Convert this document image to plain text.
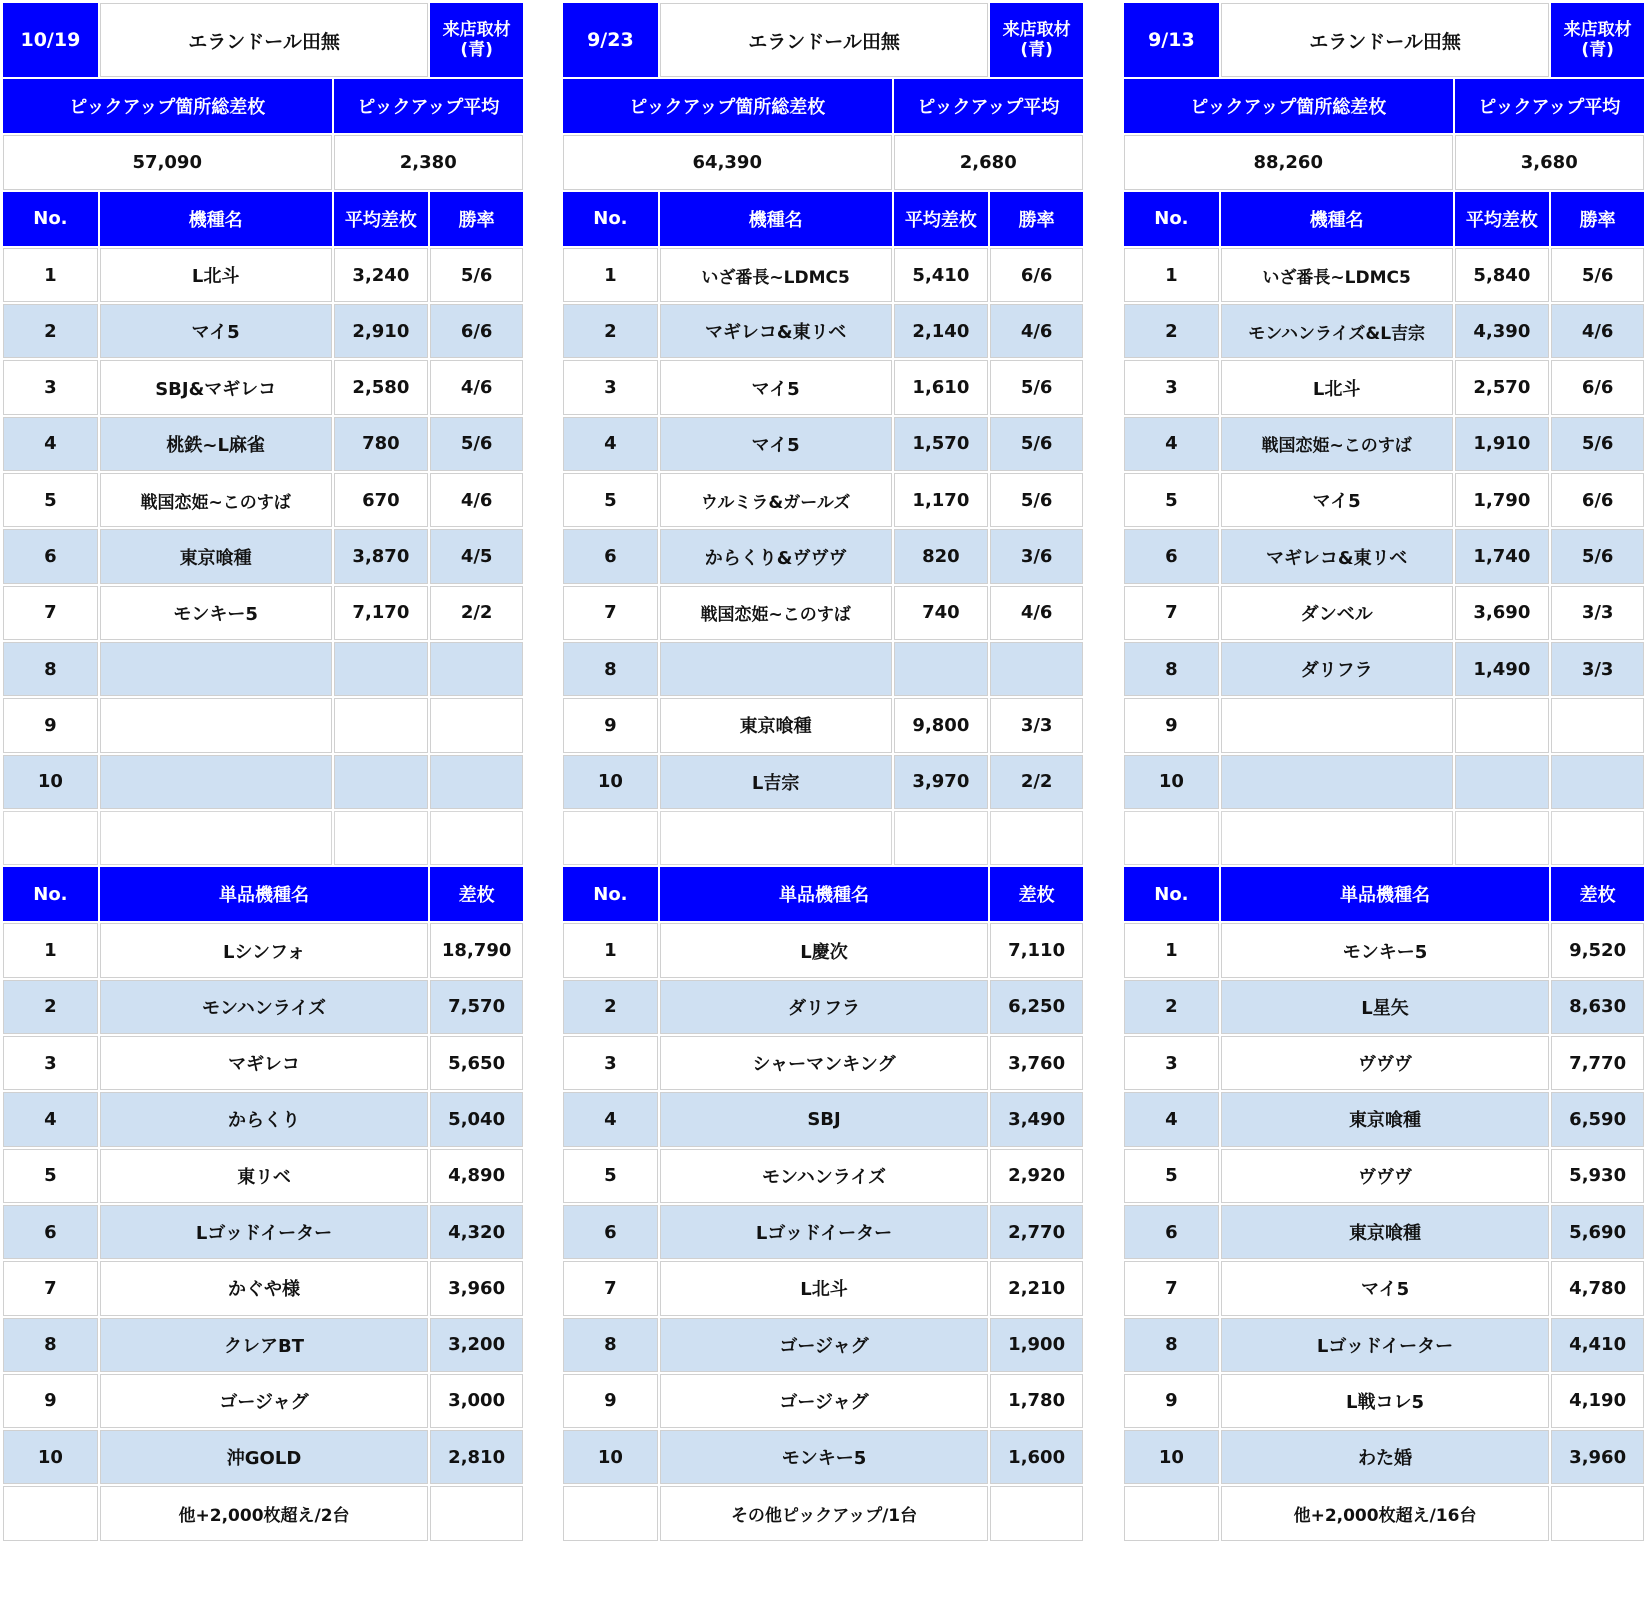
10/19	エランドール田無		来店取材
(青)

ピックアップ箇所総差枚		ピックアップ平均	
57,090		2,380	
No.	機種名	平均差枚	勝率
1	L北斗	3,240	5/6
2	マイ5	2,910	6/6
3	SBJ&マギレコ	2,580	4/6
4	桃鉄~L麻雀	780	5/6
5	戦国恋姫~このすば	670	4/6
6	東京喰種	3,870	4/5
7	モンキー5	7,170	2/2
8			
9			
10			

No.	単品機種名		差枚
1	Lシンフォ		18,790
2	モンハンライズ		7,570
3	マギレコ		5,650
4	からくり		5,040
5	東リベ		4,890
6	Lゴッドイーター		4,320
7	かぐや様		3,960
8	クレアBT		3,200
9	ゴージャグ		3,000
10	沖GOLD		2,810
	他+2,000枚超え/2台		
9/23	エランドール田無		来店取材
(青)

ピックアップ箇所総差枚		ピックアップ平均	
64,390		2,680	
No.	機種名	平均差枚	勝率
1	いざ番長~LDMC5	5,410	6/6
2	マギレコ&東リベ	2,140	4/6
3	マイ5	1,610	5/6
4	マイ5	1,570	5/6
5	ウルミラ&ガールズ	1,170	5/6
6	からくり&ヴヴヴ	820	3/6
7	戦国恋姫~このすば	740	4/6
8			
9	東京喰種	9,800	3/3
10	L吉宗	3,970	2/2

No.	単品機種名		差枚
1	L慶次		7,110
2	ダリフラ		6,250
3	シャーマンキング		3,760
4	SBJ		3,490
5	モンハンライズ		2,920
6	Lゴッドイーター		2,770
7	L北斗		2,210
8	ゴージャグ		1,900
9	ゴージャグ		1,780
10	モンキー5		1,600
	その他ピックアップ/1台		
9/13	エランドール田無		来店取材
(青)

ピックアップ箇所総差枚		ピックアップ平均	
88,260		3,680	
No.	機種名	平均差枚	勝率
1	いざ番長~LDMC5	5,840	5/6
2	モンハンライズ&L吉宗	4,390	4/6
3	L北斗	2,570	6/6
4	戦国恋姫~このすば	1,910	5/6
5	マイ5	1,790	6/6
6	マギレコ&東リベ	1,740	5/6
7	ダンベル	3,690	3/3
8	ダリフラ	1,490	3/3
9			
10			

No.	単品機種名		差枚
1	モンキー5		9,520
2	L星矢		8,630
3	ヴヴヴ		7,770
4	東京喰種		6,590
5	ヴヴヴ		5,930
6	東京喰種		5,690
7	マイ5		4,780
8	Lゴッドイーター		4,410
9	L戦コレ5		4,190
10	わた婚		3,960
	他+2,000枚超え/16台		
